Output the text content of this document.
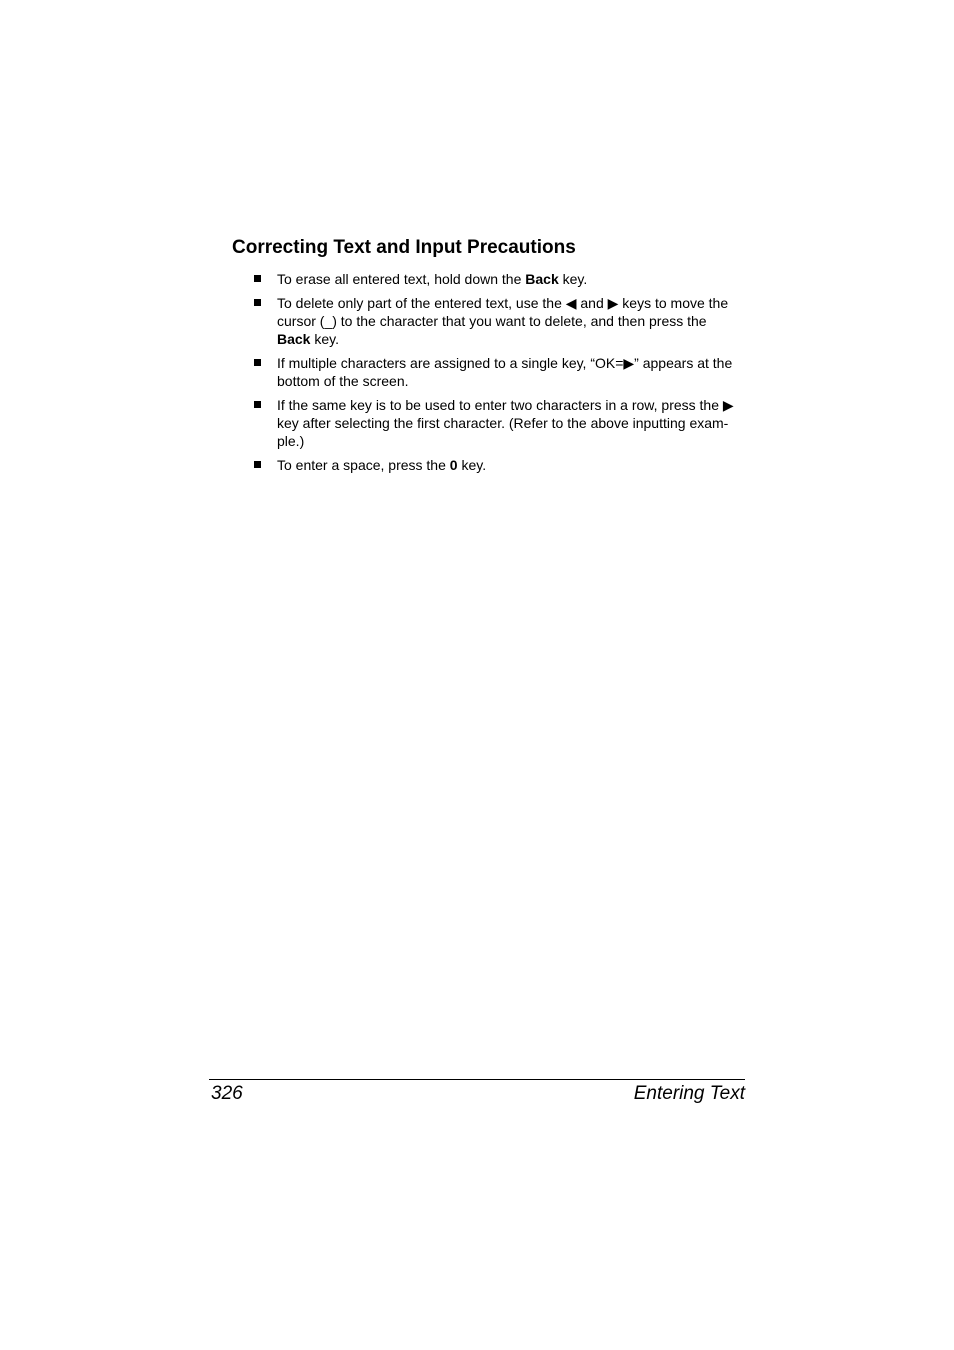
Correcting Text and Input Precautions
To erase all entered text, hold down the Back key.
To delete only part of the entered text, use the ◀ and ▶ keys to move the cursor (_) to the character that you want to delete, and then press the Back key.
If multiple characters are assigned to a single key, “OK=▶” appears at the bottom of the screen.
If the same key is to be used to enter two characters in a row, press the ▶ key after selecting the first character. (Refer to the above inputting exam-ple.)
To enter a space, press the 0 key.
326	Entering Text
